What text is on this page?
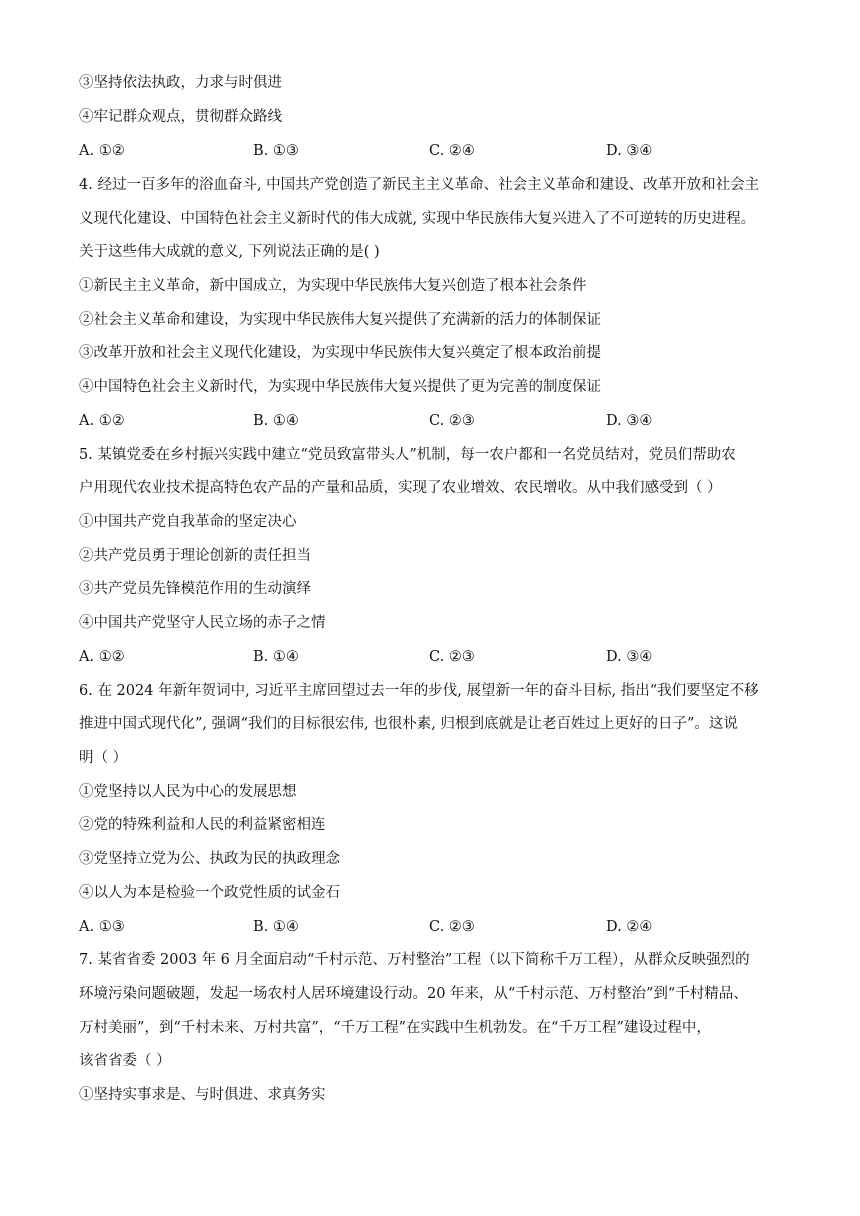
③坚持依法执政，力求与时俱进
④牢记群众观点，贯彻群众路线
A. ①②	B. ①③	C. ②④	D. ③④
4. 经过一百多年的浴血奋斗, 中国共产党创造了新民主主义革命、社会主义革命和建设、改革开放和社会主
义现代化建设、中国特色社会主义新时代的伟大成就, 实现中华民族伟大复兴进入了不可逆转的历史进程。
关于这些伟大成就的意义, 下列说法正确的是( )
①新民主主义革命，新中国成立，为实现中华民族伟大复兴创造了根本社会条件
②社会主义革命和建设，为实现中华民族伟大复兴提供了充满新的活力的体制保证
③改革开放和社会主义现代化建设，为实现中华民族伟大复兴奠定了根本政治前提
④中国特色社会主义新时代，为实现中华民族伟大复兴提供了更为完善的制度保证
A. ①②	B. ①④	C. ②③	D. ③④
5. 某镇党委在乡村振兴实践中建立“党员致富带头人”机制，每一农户都和一名党员结对，党员们帮助农
户用现代农业技术提高特色农产品的产量和品质，实现了农业增效、农民增收。从中我们感受到（ ）
①中国共产党自我革命的坚定决心
②共产党员勇于理论创新的责任担当
③共产党员先锋模范作用的生动演绎
④中国共产党坚守人民立场的赤子之情
A. ①②	B. ①④	C. ②③	D. ③④
6. 在 2024 年新年贺词中, 习近平主席回望过去一年的步伐, 展望新一年的奋斗目标, 指出“我们要坚定不移
推进中国式现代化”, 强调“我们的目标很宏伟, 也很朴素, 归根到底就是让老百姓过上更好的日子”。这说
明（ ）
①党坚持以人民为中心的发展思想
②党的特殊利益和人民的利益紧密相连
③党坚持立党为公、执政为民的执政理念
④以人为本是检验一个政党性质的试金石
A. ①③	B. ①④	C. ②③	D. ②④
7. 某省省委 2003 年 6 月全面启动“千村示范、万村整治”工程（以下简称千万工程），从群众反映强烈的
环境污染问题破题，发起一场农村人居环境建设行动。20 年来，从“千村示范、万村整治”到“千村精品、
万村美丽”，到“千村未来、万村共富”，“千万工程”在实践中生机勃发。在“千万工程”建设过程中，
该省省委（ ）
①坚持实事求是、与时俱进、求真务实
